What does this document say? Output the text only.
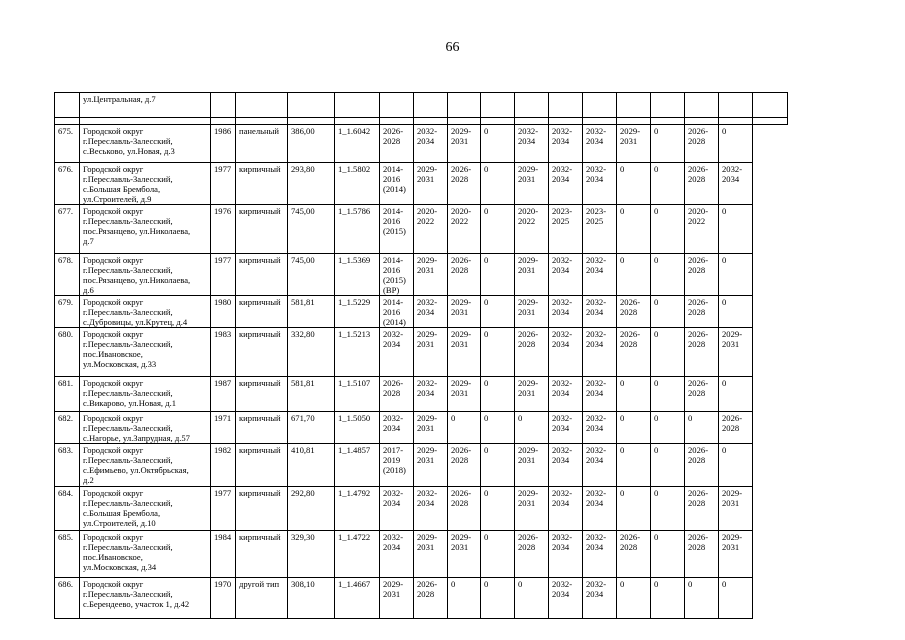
66
	ул.Центральная, д.7																

675.	Городской округ
г.Переславль-Залесский,
с.Веськово, ул.Новая, д.3	1986	панельный	386,00	1_1.6042	2026-
2028	2032-
2034	2029-
2031	0	2032-
2034	2032-
2034	2032-
2034	2029-
2031	0	2026-
2028	0	
676.	Городской округ
г.Переславль-Залесский,
с.Большая Брембола,
ул.Строителей, д.9	1977	кирпичный	293,80	1_1.5802	2014-
2016
(2014)	2029-
2031	2026-
2028	0	2029-
2031	2032-
2034	2032-
2034	0	0	2026-
2028	2032-
2034	
677.	Городской округ
г.Переславль-Залесский,
пос.Рязанцево, ул.Николаева,
д.7	1976	кирпичный	745,00	1_1.5786	2014-
2016
(2015)	2020-
2022	2020-
2022	0	2020-
2022	2023-
2025	2023-
2025	0	0	2020-
2022	0	
678.	Городской округ
г.Переславль-Залесский,
пос.Рязанцево, ул.Николаева,
д.6	1977	кирпичный	745,00	1_1.5369	2014-
2016
(2015)
(ВР)	2029-
2031	2026-
2028	0	2029-
2031	2032-
2034	2032-
2034	0	0	2026-
2028	0	
679.	Городской округ
г.Переславль-Залесский,
с.Дубровицы, ул.Крутец, д.4	1980	кирпичный	581,81	1_1.5229	2014-
2016
(2014)	2032-
2034	2029-
2031	0	2029-
2031	2032-
2034	2032-
2034	2026-
2028	0	2026-
2028	0	
680.	Городской округ
г.Переславль-Залесский,
пос.Ивановское,
ул.Московская, д.33	1983	кирпичный	332,80	1_1.5213	2032-
2034	2029-
2031	2029-
2031	0	2026-
2028	2032-
2034	2032-
2034	2026-
2028	0	2026-
2028	2029-
2031	
681.	Городской округ
г.Переславль-Залесский,
с.Викарово, ул.Новая, д.1	1987	кирпичный	581,81	1_1.5107	2026-
2028	2032-
2034	2029-
2031	0	2029-
2031	2032-
2034	2032-
2034	0	0	2026-
2028	0	
682.	Городской округ
г.Переславль-Залесский,
с.Нагорье, ул.Запрудная, д.57	1971	кирпичный	671,70	1_1.5050	2032-
2034	2029-
2031	0	0	0	2032-
2034	2032-
2034	0	0	0	2026-
2028	
683.	Городской округ
г.Переславль-Залесский,
с.Ефимьево, ул.Октябрьская,
д.2	1982	кирпичный	410,81	1_1.4857	2017-
2019
(2018)	2029-
2031	2026-
2028	0	2029-
2031	2032-
2034	2032-
2034	0	0	2026-
2028	0	
684.	Городской округ
г.Переславль-Залесский,
с.Большая Брембола,
ул.Строителей, д.10	1977	кирпичный	292,80	1_1.4792	2032-
2034	2032-
2034	2026-
2028	0	2029-
2031	2032-
2034	2032-
2034	0	0	2026-
2028	2029-
2031	
685.	Городской округ
г.Переславль-Залесский,
пос.Ивановское,
ул.Московская, д.34	1984	кирпичный	329,30	1_1.4722	2032-
2034	2029-
2031	2029-
2031	0	2026-
2028	2032-
2034	2032-
2034	2026-
2028	0	2026-
2028	2029-
2031	
686.	Городской округ
г.Переславль-Залесский,
с.Берендеево, участок 1, д.42	1970	другой тип	308,10	1_1.4667	2029-
2031	2026-
2028	0	0	0	2032-
2034	2032-
2034	0	0	0	0	
